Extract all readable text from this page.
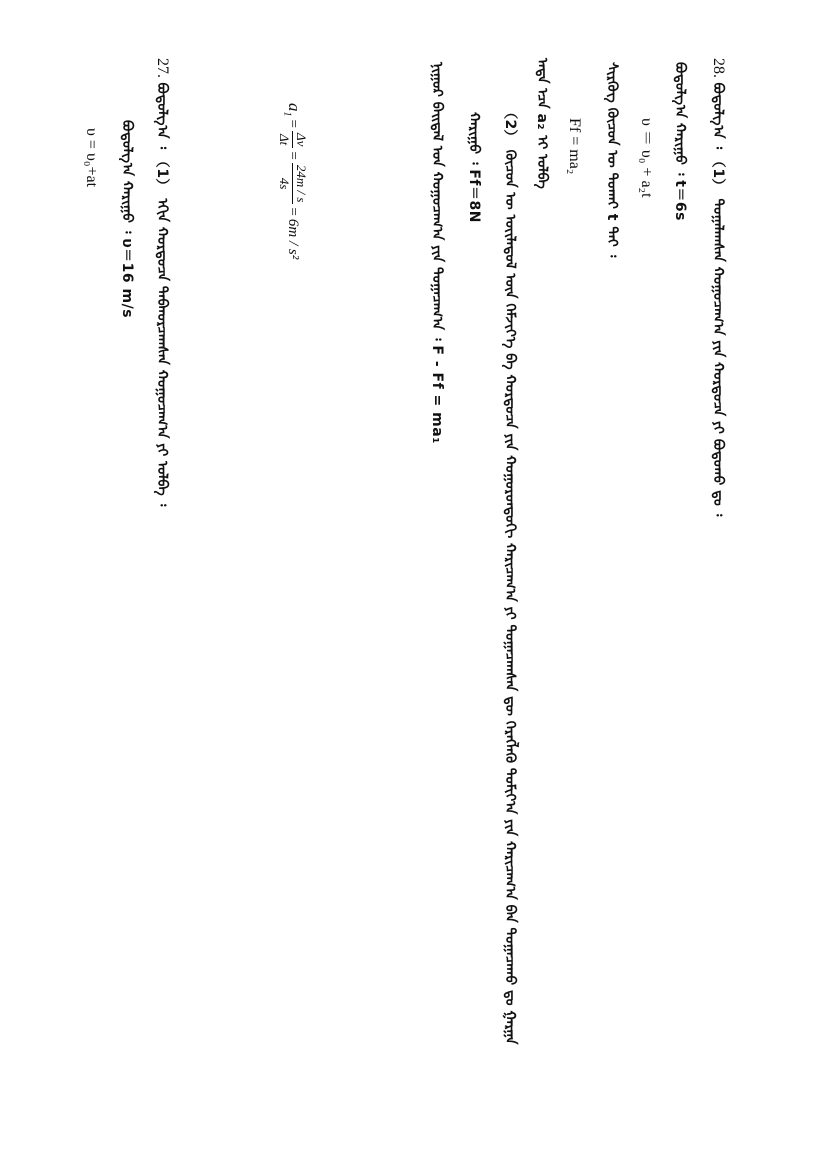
28. ᠪᠣᠳᠣᠯᠭ᠎ᠠ ᠄ （1） ᠲᠣᠭᠠᠯᠠᠭᠰᠠᠨ ᠬᠤᠭᠤᠴᠠᠭ᠎ᠠ ᠶᠢᠨ ᠬᠤᠷᠳᠤᠴᠠ ᠶᠢ ᠪᠣᠳᠣᠬᠤ ᠳᠤ ᠄
ᠪᠣᠳᠣᠯᠭ᠎ᠠ ᠬᠠᠷᠢᠭᠤ ᠄ t＝6s
υ ＝ υ₀ + a₂t
ᠰᠢᠷᠭᠦᠭ ᠬᠦᠴᠦᠨ ᠦ ᠲᠣᠬᠠᠶ t ᠲᠠᠢ ᠄
Ff = ma₂
ᠡᠨᠳᠡ ᠡᠴᠡ a₂ ᠢ ᠣᠯᠪᠠ
（2） ᠬᠦᠴᠦᠨ ᠦ ᠦᠢᠯᠡᠳᠦᠯ ᠦᠨ ᠬᠡᠮᠵᠢᠶ᠎ᠡ ᠪᠠ ᠬᠤᠷᠳᠤᠴᠠ ᠶᠢᠨ ᠬᠣᠭᠣᠷᠣᠨᠳᠣᠬᠢ ᠬᠠᠷᠢᠴᠠᠭ᠎ᠠ ᠶᠢ ᠲᠣᠭᠠᠴᠠᠭᠰᠠᠨ ᠳᠦ ᠬᠡᠷᠡᠭᠯᠡᠬᠦ ᠲᠣᠮᠢᠶ᠎ᠠ ᠶᠢᠨ ᠬᠠᠷᠢᠴᠠᠭ᠎ᠠ ᠪᠠᠨ ᠲᠣᠭᠠᠴᠠᠬᠤ ᠳᠤ ᠭᠠᠷᠭᠠ
ᠬᠠᠷᠢᠭᠤ ᠄ Ff＝8N
ᠨᠢᠭᠤᠷ ᠪᠠᠢᠳᠠᠯ ᠤᠨ ᠬᠤᠭᠤᠴᠠᠭ᠎ᠠ ᠶᠢᠨ ᠲᠣᠭᠠᠴᠠᠭ᠎ᠠ ᠄ F - Ff = ma₁
$a_1$
=
Δv
Δt
=
24m / s
4s
=
6m / s²
27. ᠪᠣᠳᠣᠯᠭ᠎ᠠ ᠄ （1） ᠡᠬᠢᠨ ᠬᠤᠷᠳᠤᠴᠠ ᠳᠠᠪᠬᠤᠷᠴᠠᠭᠰᠠᠨ ᠬᠤᠭᠤᠴᠠᠭ᠎ᠠ ᠶᠢ ᠣᠯᠪᠠ ᠄
ᠪᠣᠳᠣᠯᠭ᠎ᠠ ᠬᠠᠷᠢᠭᠤ ᠄ υ＝16 m/s
υ = υ₀+at
